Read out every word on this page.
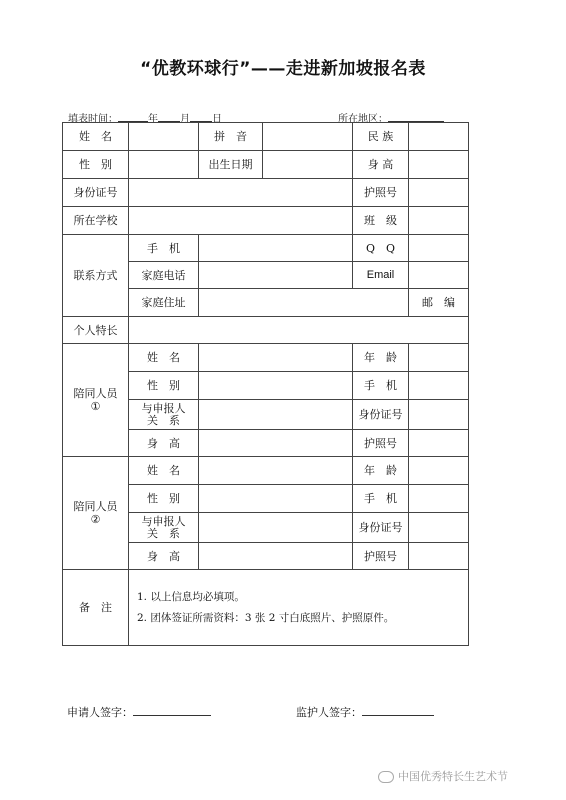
“优教环球行”——走进新加坡报名表
填表时间：	年 月 日	所在地区：
姓　名		拼　音		民 族	
性　别		出生日期		身 高	
身份证号				护照号	
所在学校				班　级	
联系方式	手　机			Q　Q	
	家庭电话			Email	
	家庭住址				邮　编
个人特长					
陪同人员
①	姓　名			年　龄	
	性　别			手　机	
	与申报人
关　系			身份证号	
	身　高			护照号	
陪同人员
②	姓　名			年　龄	
	性　别			手　机	
	与申报人
关　系			身份证号	
	身　高			护照号	
备　注	1. 以上信息均必填项。
2. 团体签证所需资料：3 张 2 寸白底照片、护照原件。				
申请人签字：	监护人签字：
中国优秀特长生艺术节
